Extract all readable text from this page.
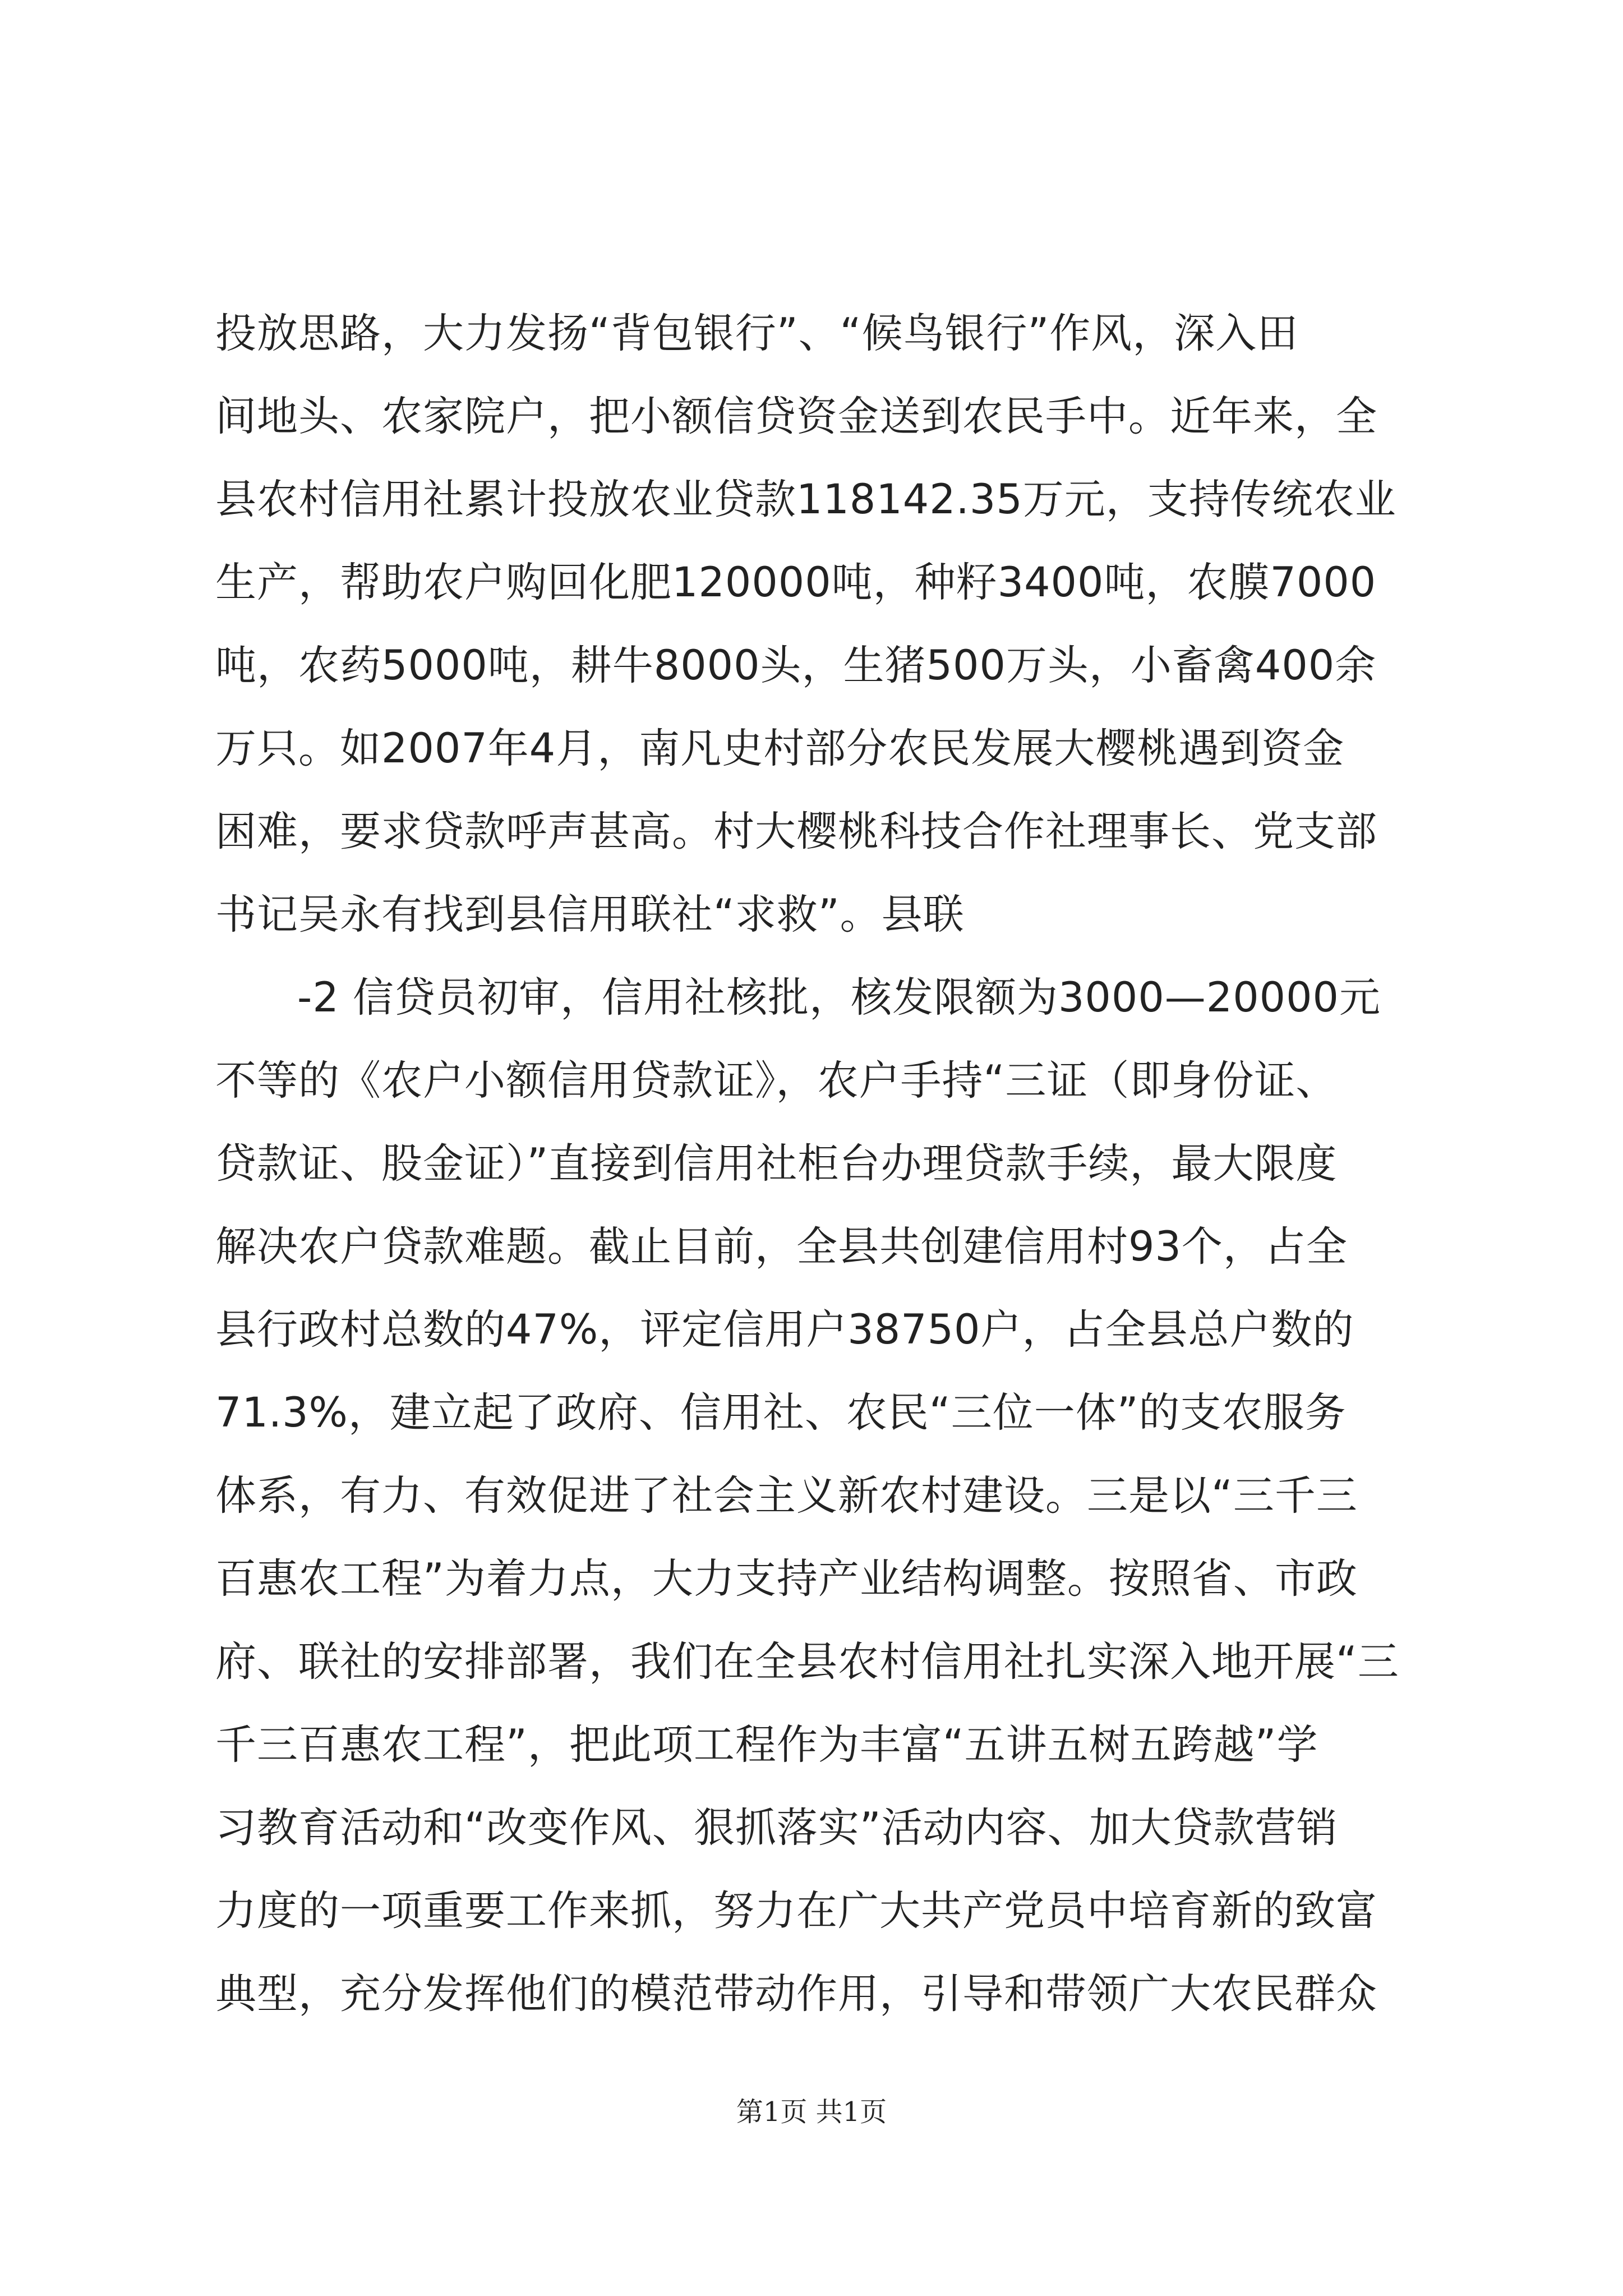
投放思路，大力发扬“背包银行”、“候鸟银行”作风，深入田
间地头、农家院户，把小额信贷资金送到农民手中。近年来，全
县农村信用社累计投放农业贷款118142.35万元，支持传统农业
生产，帮助农户购回化肥120000吨，种籽3400吨，农膜7000
吨，农药5000吨，耕牛8000头，生猪500万头，小畜禽400余
万只。如2007年4月，南凡史村部分农民发展大樱桃遇到资金
困难，要求贷款呼声甚高。村大樱桃科技合作社理事长、党支部
书记吴永有找到县信用联社“求救”。县联
-2 信贷员初审，信用社核批，核发限额为3000—20000元
不等的《农户小额信用贷款证》，农户手持“三证（即身份证、
贷款证、股金证）”直接到信用社柜台办理贷款手续，最大限度
解决农户贷款难题。截止目前，全县共创建信用村93个，占全
县行政村总数的47%，评定信用户38750户，占全县总户数的
71.3%，建立起了政府、信用社、农民“三位一体”的支农服务
体系，有力、有效促进了社会主义新农村建设。三是以“三千三
百惠农工程”为着力点，大力支持产业结构调整。按照省、市政
府、联社的安排部署，我们在全县农村信用社扎实深入地开展“三
千三百惠农工程”，把此项工程作为丰富“五讲五树五跨越”学
习教育活动和“改变作风、狠抓落实”活动内容、加大贷款营销
力度的一项重要工作来抓，努力在广大共产党员中培育新的致富
典型，充分发挥他们的模范带动作用，引导和带领广大农民群众
第1页 共1页
